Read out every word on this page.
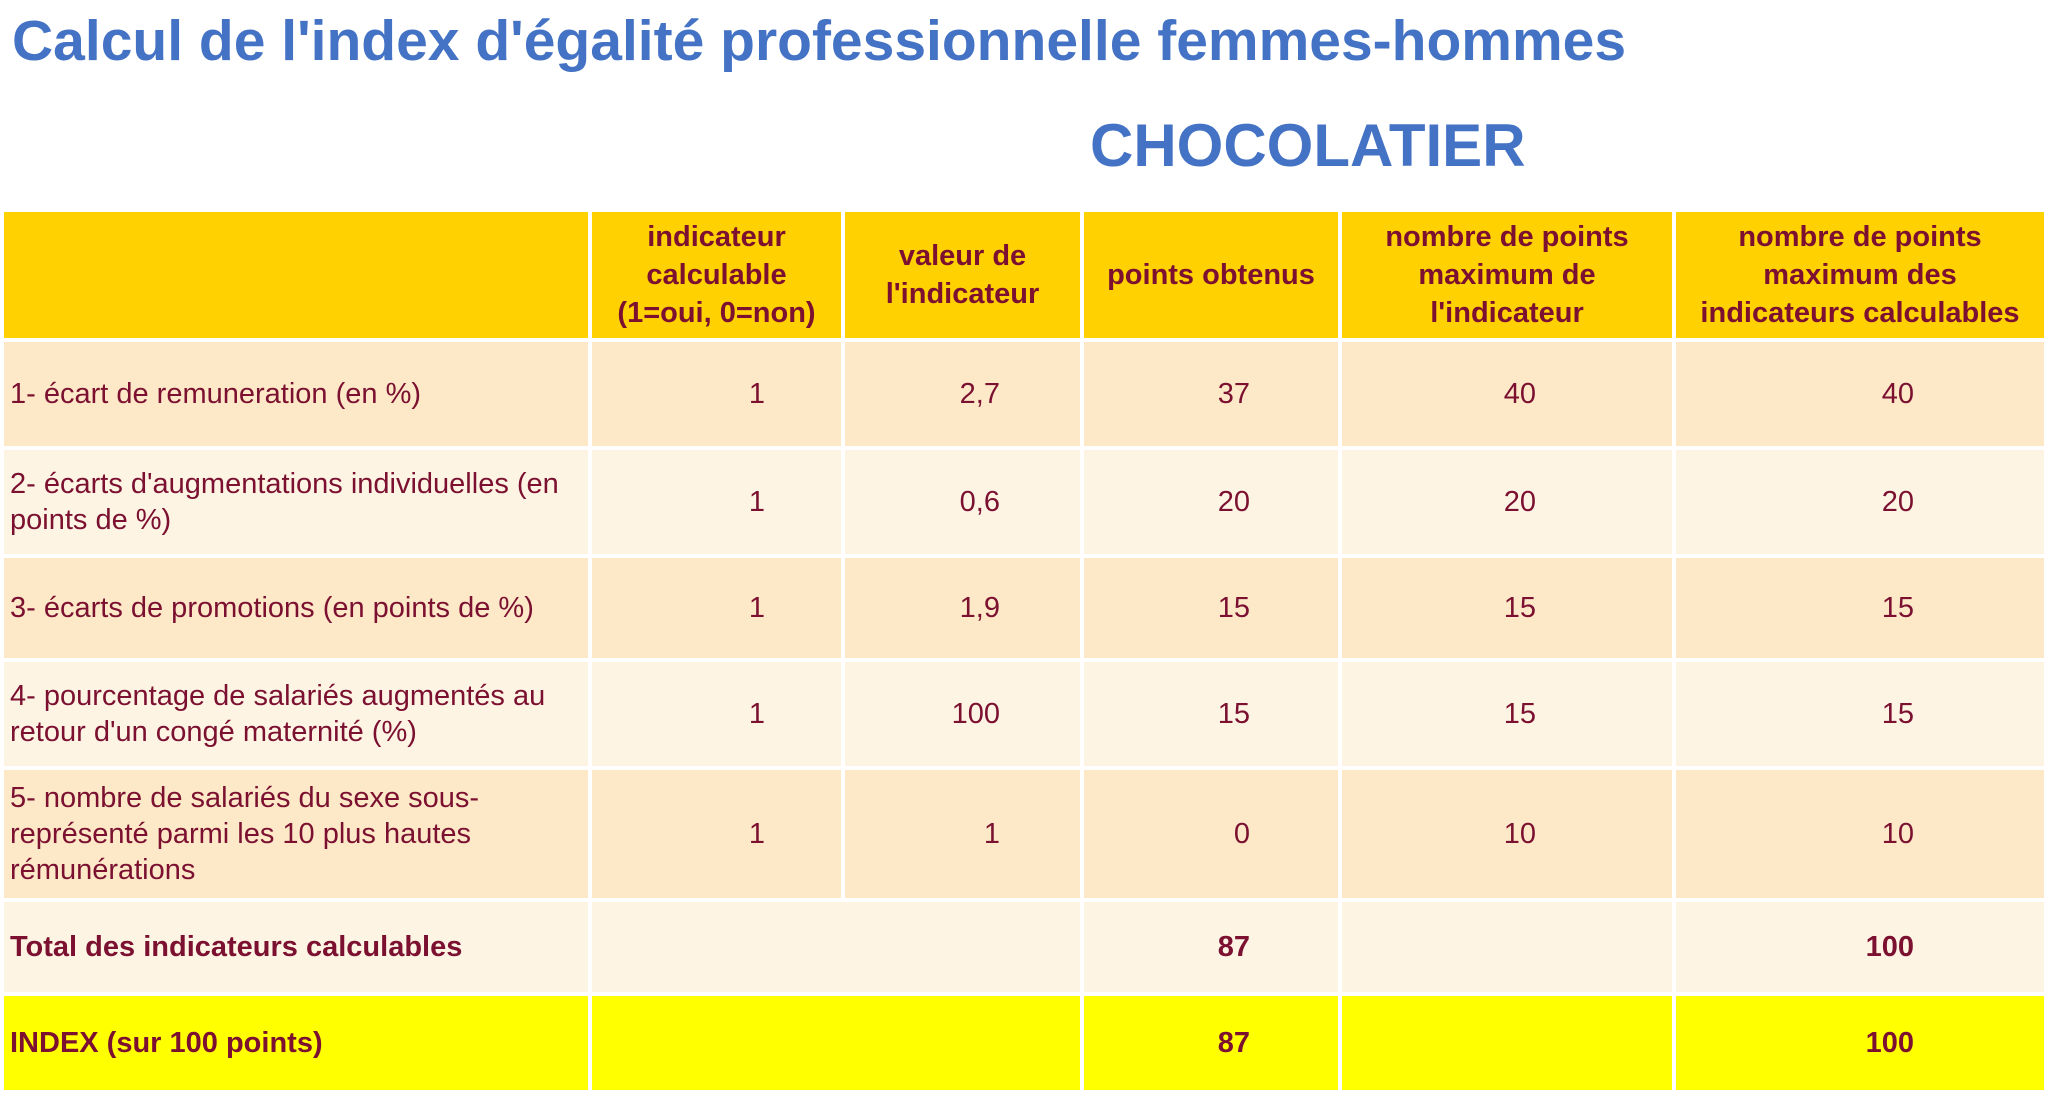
Calcul de l'index d'égalité professionnelle femmes-hommes
CHOCOLATIER
	indicateur calculable (1=oui, 0=non)	valeur de l'indicateur	points obtenus	nombre de points maximum de l'indicateur	nombre de points maximum des indicateurs calculables
1- écart de remuneration (en %)	1	2,7	37	40	40
2- écarts d'augmentations individuelles (en points de %)	1	0,6	20	20	20
3- écarts de promotions (en points de %)	1	1,9	15	15	15
4- pourcentage de salariés augmentés au retour d'un congé maternité (%)	1	100	15	15	15
5- nombre de salariés du sexe sous-représenté parmi les 10 plus hautes rémunérations	1	1	0	10	10
Total des indicateurs calculables			87		100
INDEX (sur 100 points)			87		100
